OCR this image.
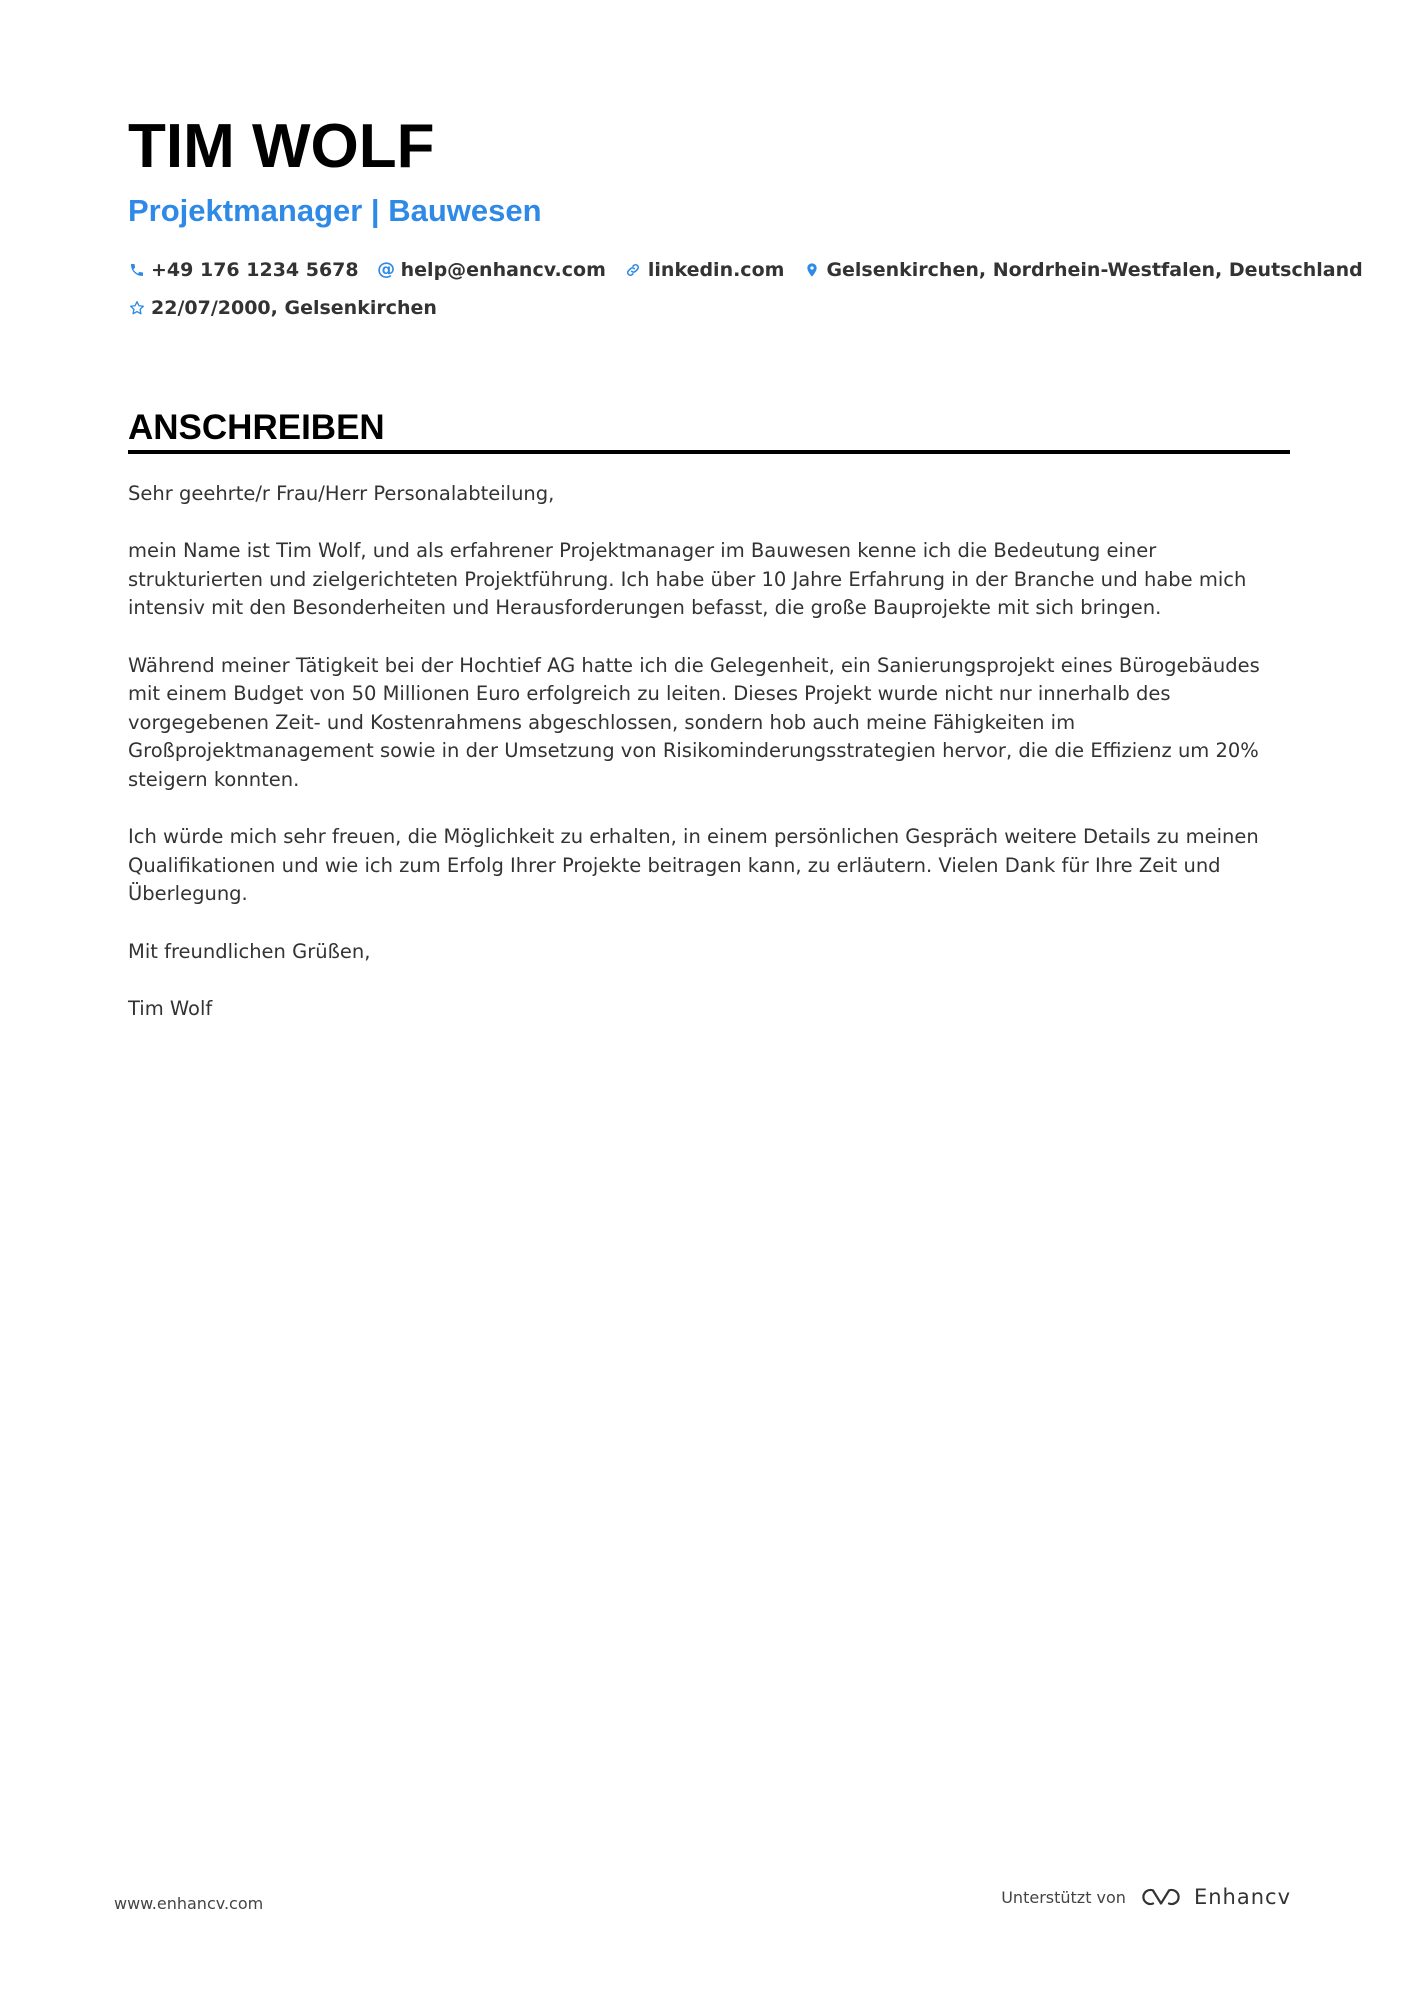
TIM WOLF
Projektmanager | Bauwesen
+49 176 1234 5678 @ help@enhancv.com linkedin.com Gelsenkirchen, Nordrhein-Westfalen, Deutschland
22/07/2000, Gelsenkirchen
ANSCHREIBEN

Sehr geehrte/r Frau/Herr Personalabteilung,

mein Name ist Tim Wolf, und als erfahrener Projektmanager im Bauwesen kenne ich die Bedeutung einer strukturierten und zielgerichteten Projektführung. Ich habe über 10 Jahre Erfahrung in der Branche und habe mich intensiv mit den Besonderheiten und Herausforderungen befasst, die große Bauprojekte mit sich bringen.

Während meiner Tätigkeit bei der Hochtief AG hatte ich die Gelegenheit, ein Sanierungsprojekt eines Bürogebäudes mit einem Budget von 50 Millionen Euro erfolgreich zu leiten. Dieses Projekt wurde nicht nur innerhalb des vorgegebenen Zeit- und Kostenrahmens abgeschlossen, sondern hob auch meine Fähigkeiten im Großprojektmanagement sowie in der Umsetzung von Risikominderungsstrategien hervor, die die Effizienz um 20% steigern konnten.

Ich würde mich sehr freuen, die Möglichkeit zu erhalten, in einem persönlichen Gespräch weitere Details zu meinen Qualifikationen und wie ich zum Erfolg Ihrer Projekte beitragen kann, zu erläutern. Vielen Dank für Ihre Zeit und Überlegung.

Mit freundlichen Grüßen,

Tim Wolf

www.enhancv.com	Unterstützt von	Enhancv
